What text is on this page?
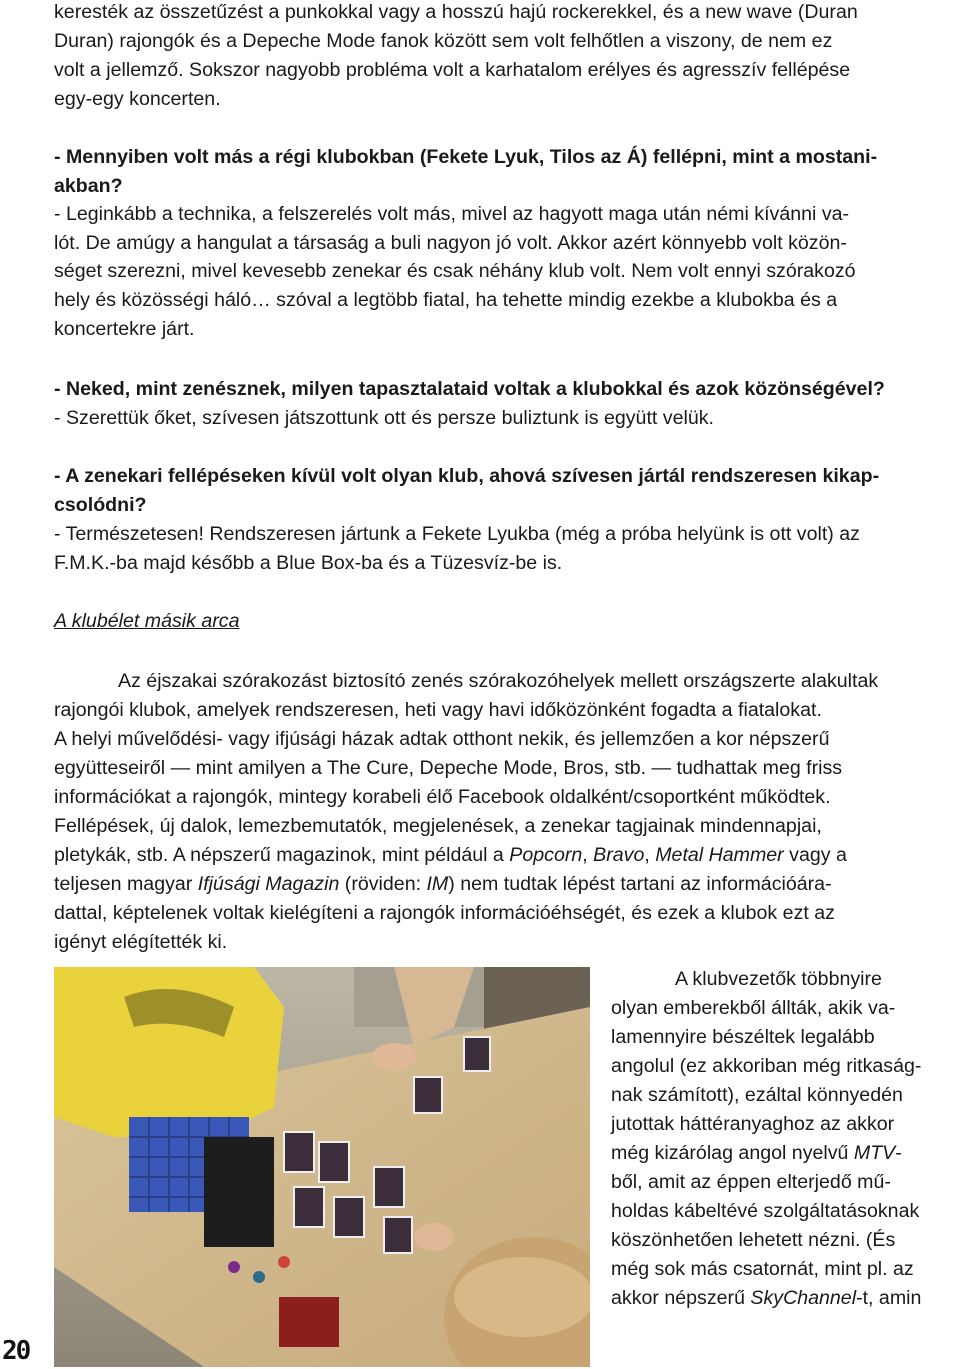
keresték az összetűzést a punkokkal vagy a hosszú hajú rockerekkel, és a new wave (Duran
Duran) rajongók és a Depeche Mode fanok között sem volt felhőtlen a viszony, de nem ez
volt a jellemző. Sokszor nagyobb probléma volt a karhatalom erélyes és agresszív fellépése
egy-egy koncerten.
- Mennyiben volt más a régi klubokban (Fekete Lyuk, Tilos az Á) fellépni, mint a mostani-
akban?
- Leginkább a technika, a felszerelés volt más, mivel az hagyott maga után némi kívánni va-
lót. De amúgy a hangulat a társaság a buli nagyon jó volt. Akkor azért könnyebb volt közön-
séget szerezni, mivel kevesebb zenekar és csak néhány klub volt. Nem volt ennyi szórakozó
hely és közösségi háló… szóval a legtöbb fiatal, ha tehette mindig ezekbe a klubokba és a
koncertekre járt.
- Neked, mint zenésznek, milyen tapasztalataid voltak a klubokkal és azok közönségével?
- Szerettük őket, szívesen játszottunk ott és persze buliztunk is együtt velük.
- A zenekari fellépéseken kívül volt olyan klub, ahová szívesen jártál rendszeresen kikap-
csolódni?
- Természetesen! Rendszeresen jártunk a Fekete Lyukba (még a próba helyünk is ott volt) az
F.M.K.-ba majd később a Blue Box-ba és a Tüzesvíz-be is.
A klubélet másik arca
Az éjszakai szórakozást biztosító zenés szórakozóhelyek mellett országszerte alakultak
rajongói klubok, amelyek rendszeresen, heti vagy havi időközönként fogadta a fiatalokat.
A helyi művelődési- vagy ifjúsági házak adtak otthont nekik, és jellemzően a kor népszerű
együtteseiről — mint amilyen a The Cure, Depeche Mode, Bros, stb. — tudhattak meg friss
információkat a rajongók, mintegy korabeli élő Facebook oldalként/csoportként működtek.
Fellépések, új dalok, lemezbemutatók, megjelenések, a zenekar tagjainak mindennapjai,
pletykák, stb. A népszerű magazinok, mint például a Popcorn, Bravo, Metal Hammer vagy a
teljesen magyar Ifjúsági Magazin (röviden: IM) nem tudtak lépést tartani az információára-
dattal, képtelenek voltak kielégíteni a rajongók információéhségét, és ezek a klubok ezt az
igényt elégítették ki.
A klubvezetők többnyire
olyan emberekből állták, akik va-
lamennyire bészéltek legalább
angolul (ez akkoriban még ritkaság-
nak számított), ezáltal könnyedén
jutottak háttéranyaghoz az akkor
még kizárólag angol nyelvű MTV-
ből, amit az éppen elterjedő mű-
holdas kábeltévé szolgáltatásoknak
köszönhetően lehetett nézni. (És
még sok más csatornát, mint pl. az
akkor népszerű SkyChannel-t, amin
20
